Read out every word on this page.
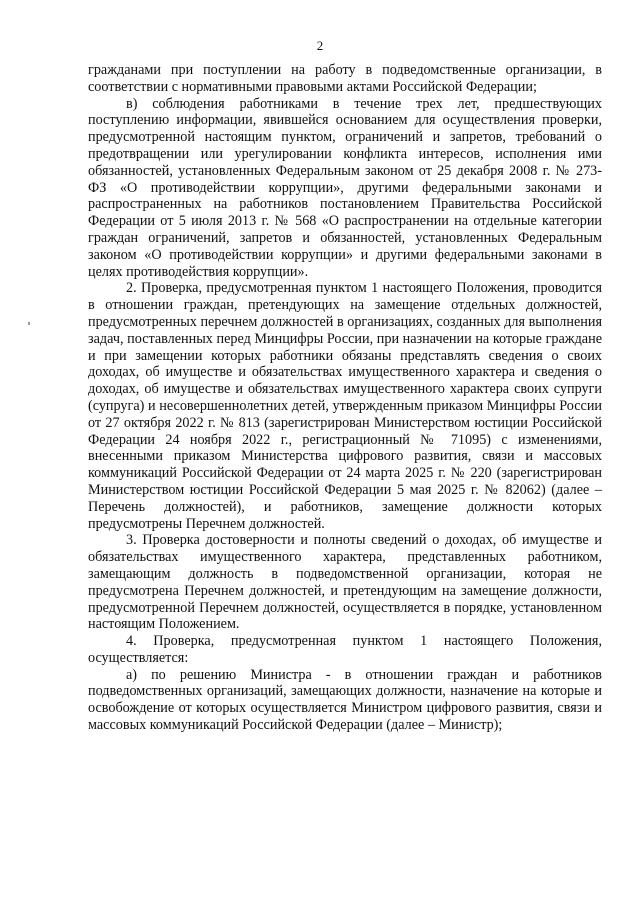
2

гражданами при поступлении на работу в подведомственные организации, в соответствии с нормативными правовыми актами Российской Федерации;

в) соблюдения работниками в течение трех лет, предшествующих поступлению информации, явившейся основанием для осуществления проверки, предусмотренной настоящим пунктом, ограничений и запретов, требований о предотвращении или урегулировании конфликта интересов, исполнения ими обязанностей, установленных Федеральным законом от 25 декабря 2008 г. № 273-ФЗ «О противодействии коррупции», другими федеральными законами и распространенных на работников постановлением Правительства Российской Федерации от 5 июля 2013 г. № 568 «О распространении на отдельные категории граждан ограничений, запретов и обязанностей, установленных Федеральным законом «О противодействии коррупции» и другими федеральными законами в целях противодействия коррупции».

2. Проверка, предусмотренная пунктом 1 настоящего Положения, проводится в отношении граждан, претендующих на замещение отдельных должностей, предусмотренных перечнем должностей в организациях, созданных для выполнения задач, поставленных перед Минцифры России, при назначении на которые граждане и при замещении которых работники обязаны представлять сведения о своих доходах, об имуществе и обязательствах имущественного характера и сведения о доходах, об имуществе и обязательствах имущественного характера своих супруги (супруга) и несовершеннолетних детей, утвержденным приказом Минцифры России от 27 октября 2022 г. № 813 (зарегистрирован Министерством юстиции Российской Федерации 24 ноября 2022 г., регистрационный № 71095) с изменениями, внесенными приказом Министерства цифрового развития, связи и массовых коммуникаций Российской Федерации от 24 марта 2025 г. № 220 (зарегистрирован Министерством юстиции Российской Федерации 5 мая 2025 г. № 82062) (далее – Перечень должностей), и работников, замещение должности которых предусмотрены Перечнем должностей.

3. Проверка достоверности и полноты сведений о доходах, об имуществе и обязательствах имущественного характера, представленных работником, замещающим должность в подведомственной организации, которая не предусмотрена Перечнем должностей, и претендующим на замещение должности, предусмотренной Перечнем должностей, осуществляется в порядке, установленном настоящим Положением.

4. Проверка, предусмотренная пунктом 1 настоящего Положения, осуществляется:

а) по решению Министра - в отношении граждан и работников подведомственных организаций, замещающих должности, назначение на которые и освобождение от которых осуществляется Министром цифрового развития, связи и массовых коммуникаций Российской Федерации (далее – Министр);
